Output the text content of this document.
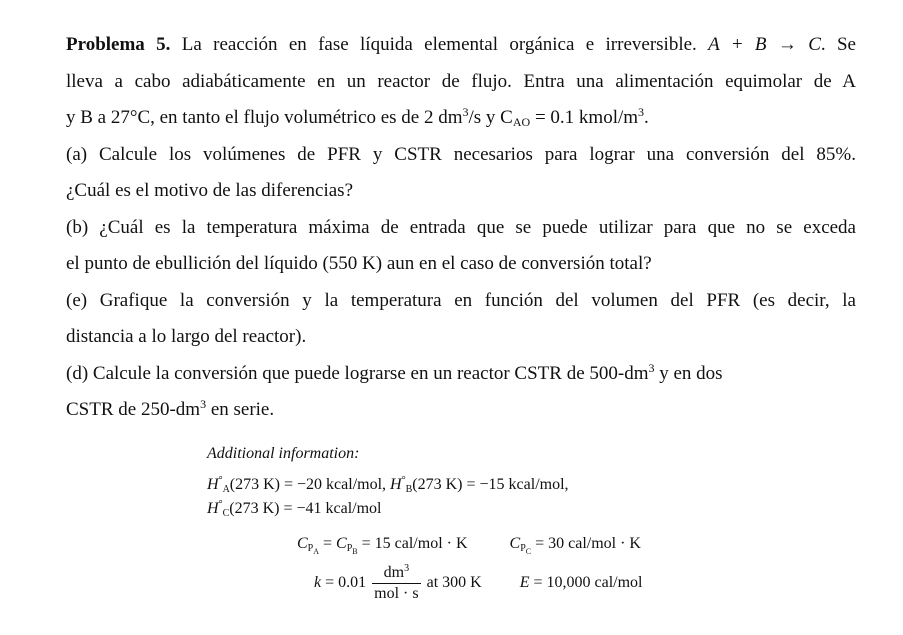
Problema 5. La reacción en fase líquida elemental orgánica e irreversible. A + B → C. Se
lleva a cabo adiabáticamente en un reactor de flujo. Entra una alimentación equimolar de A
y B a 27°C, en tanto el flujo volumétrico es de 2 $dm^3/s$ y $C_{AO} = 0.1$ kmol/$m^3$.
(a) Calcule los volúmenes de PFR y CSTR necesarios para lograr una conversión del 85%.
¿Cuál es el motivo de las diferencias?
(b) ¿Cuál es la temperatura máxima de entrada que se puede utilizar para que no se exceda
el punto de ebullición del líquido (550 K) aun en el caso de conversión total?
(e) Grafique la conversión y la temperatura en función del volumen del PFR (es decir, la
distancia a lo largo del reactor).
(d) Calcule la conversión que puede lograrse en un reactor CSTR de $500-dm^3$ y en dos
CSTR de $250-dm^3$ en serie.
Additional information:
$H^\circ_A(273$ K) = −20 kcal/mol, $H^\circ_B(273$ K) = −15 kcal/mol,
$H^\circ_C(273$ K) = −41 kcal/mol
$C_{P_A} = C_{P_B} = 15$ cal/mol · K	$C_{P_C} = 30$ cal/mol · K
$k = 0.01 \frac{dm^3}{\text{mol · s}}$ at 300 K E = 10,000 cal/mol
